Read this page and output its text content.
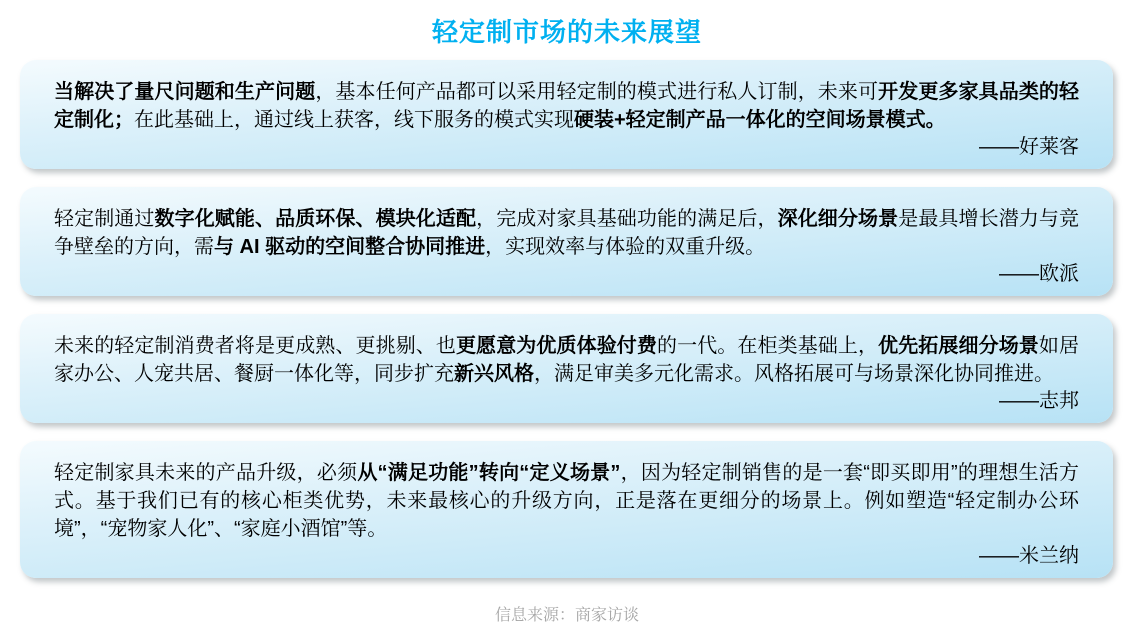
轻定制市场的未来展望

当解决了量尺问题和生产问题，基本任何产品都可以采用轻定制的模式进行私人订制，未来可开发更多家具品类的轻定制化；在此基础上，通过线上获客，线下服务的模式实现硬装+轻定制产品一体化的空间场景模式。

——好莱客

轻定制通过数字化赋能、品质环保、模块化适配，完成对家具基础功能的满足后，深化细分场景是最具增长潜力与竞争壁垒的方向，需与 AI 驱动的空间整合协同推进，实现效率与体验的双重升级。

——欧派

未来的轻定制消费者将是更成熟、更挑剔、也更愿意为优质体验付费的一代。在柜类基础上，优先拓展细分场景如居家办公、人宠共居、餐厨一体化等，同步扩充新兴风格，满足审美多元化需求。风格拓展可与场景深化协同推进。

——志邦

轻定制家具未来的产品升级，必须从“满足功能”转向“定义场景”，因为轻定制销售的是一套“即买即用”的理想生活方式。基于我们已有的核心柜类优势，未来最核心的升级方向，正是落在更细分的场景上。例如塑造“轻定制办公环境”，“宠物家人化”、“家庭小酒馆”等。

——米兰纳

信息来源：商家访谈
